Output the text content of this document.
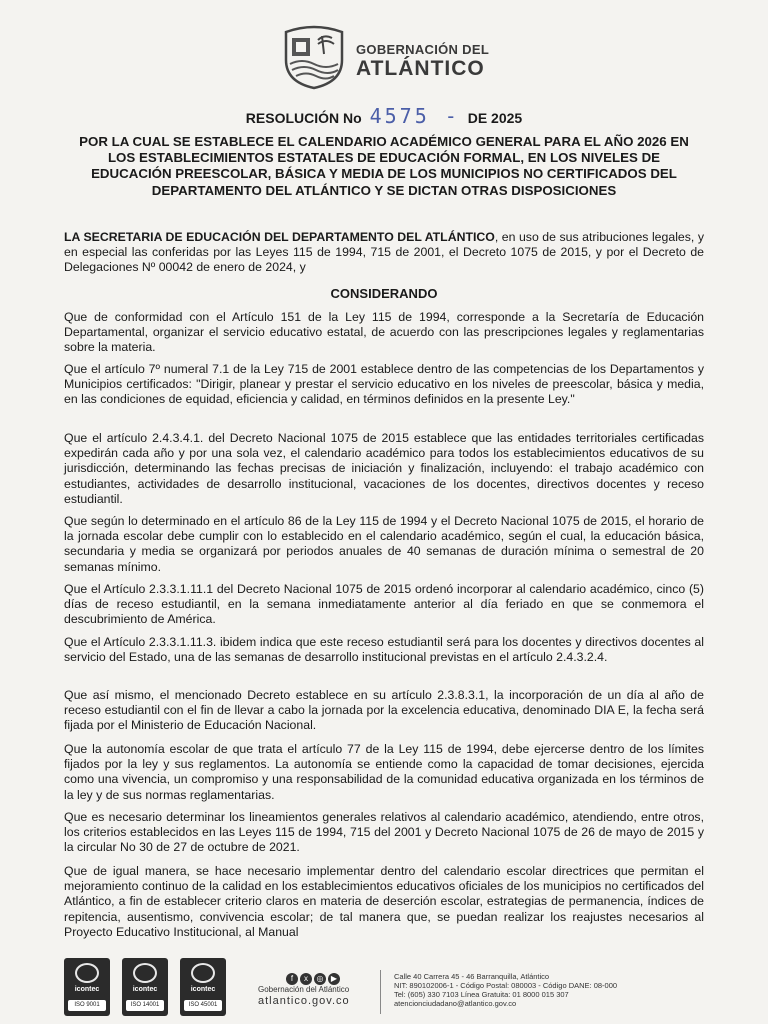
GOBERNACIÓN DEL
ATLÁNTICO
RESOLUCIÓN No 4575 - DE 2025
POR LA CUAL SE ESTABLECE EL CALENDARIO ACADÉMICO GENERAL PARA EL AÑO 2026 EN LOS ESTABLECIMIENTOS ESTATALES DE EDUCACIÓN FORMAL, EN LOS NIVELES DE EDUCACIÓN PREESCOLAR, BÁSICA Y MEDIA DE LOS MUNICIPIOS NO CERTIFICADOS DEL DEPARTAMENTO DEL ATLÁNTICO Y SE DICTAN OTRAS DISPOSICIONES
LA SECRETARIA DE EDUCACIÓN DEL DEPARTAMENTO DEL ATLÁNTICO, en uso de sus atribuciones legales, y en especial las conferidas por las Leyes 115 de 1994, 715 de 2001, el Decreto 1075 de 2015, y por el Decreto de Delegaciones Nº 00042 de enero de 2024, y
CONSIDERANDO
Que de conformidad con el Artículo 151 de la Ley 115 de 1994, corresponde a la Secretaría de Educación Departamental, organizar el servicio educativo estatal, de acuerdo con las prescripciones legales y reglamentarias sobre la materia.
Que el artículo 7º numeral 7.1 de la Ley 715 de 2001 establece dentro de las competencias de los Departamentos y Municipios certificados: "Dirigir, planear y prestar el servicio educativo en los niveles de preescolar, básica y media, en las condiciones de equidad, eficiencia y calidad, en términos definidos en la presente Ley."
Que el artículo 2.4.3.4.1. del Decreto Nacional 1075 de 2015 establece que las entidades territoriales certificadas expedirán cada año y por una sola vez, el calendario académico para todos los establecimientos educativos de su jurisdicción, determinando las fechas precisas de iniciación y finalización, incluyendo: el trabajo académico con estudiantes, actividades de desarrollo institucional, vacaciones de los docentes, directivos docentes y receso estudiantil.
Que según lo determinado en el artículo 86 de la Ley 115 de 1994 y el Decreto Nacional 1075 de 2015, el horario de la jornada escolar debe cumplir con lo establecido en el calendario académico, según el cual, la educación básica, secundaria y media se organizará por periodos anuales de 40 semanas de duración mínima o semestral de 20 semanas mínimo.
Que el Artículo 2.3.3.1.11.1 del Decreto Nacional 1075 de 2015 ordenó incorporar al calendario académico, cinco (5) días de receso estudiantil, en la semana inmediatamente anterior al día feriado en que se conmemora el descubrimiento de América.
Que el Artículo 2.3.3.1.11.3. ibidem indica que este receso estudiantil será para los docentes y directivos docentes al servicio del Estado, una de las semanas de desarrollo institucional previstas en el artículo 2.4.3.2.4.
Que así mismo, el mencionado Decreto establece en su artículo 2.3.8.3.1, la incorporación de un día al año de receso estudiantil con el fin de llevar a cabo la jornada por la excelencia educativa, denominado DIA E, la fecha será fijada por el Ministerio de Educación Nacional.
Que la autonomía escolar de que trata el artículo 77 de la Ley 115 de 1994, debe ejercerse dentro de los límites fijados por la ley y sus reglamentos. La autonomía se entiende como la capacidad de tomar decisiones, ejercida como una vivencia, un compromiso y una responsabilidad de la comunidad educativa organizada en los términos de la ley y de sus normas reglamentarias.
Que es necesario determinar los lineamientos generales relativos al calendario académico, atendiendo, entre otros, los criterios establecidos en las Leyes 115 de 1994, 715 del 2001 y Decreto Nacional 1075 de 26 de mayo de 2015 y la circular No 30 de 27 de octubre de 2021.
Que de igual manera, se hace necesario implementar dentro del calendario escolar directrices que permitan el mejoramiento continuo de la calidad en los establecimientos educativos oficiales de los municipios no certificados del Atlántico, a fin de establecer criterio claros en materia de deserción escolar, estrategias de permanencia, índices de repitencia, ausentismo, convivencia escolar; de tal manera que, se puedan realizar los reajustes necesarios al Proyecto Educativo Institucional, al Manual
icontec
ISO 9001
icontec
ISO 14001
icontec
ISO 45001
f x ◎ ▶
Gobernación del Atlántico
atlantico.gov.co
Calle 40 Carrera 45 - 46 Barranquilla, Atlántico
NIT: 890102006-1 - Código Postal: 080003 - Código DANE: 08-000
Tel: (605) 330 7103 Línea Gratuita: 01 8000 015 307
atencionciudadano@atlantico.gov.co
